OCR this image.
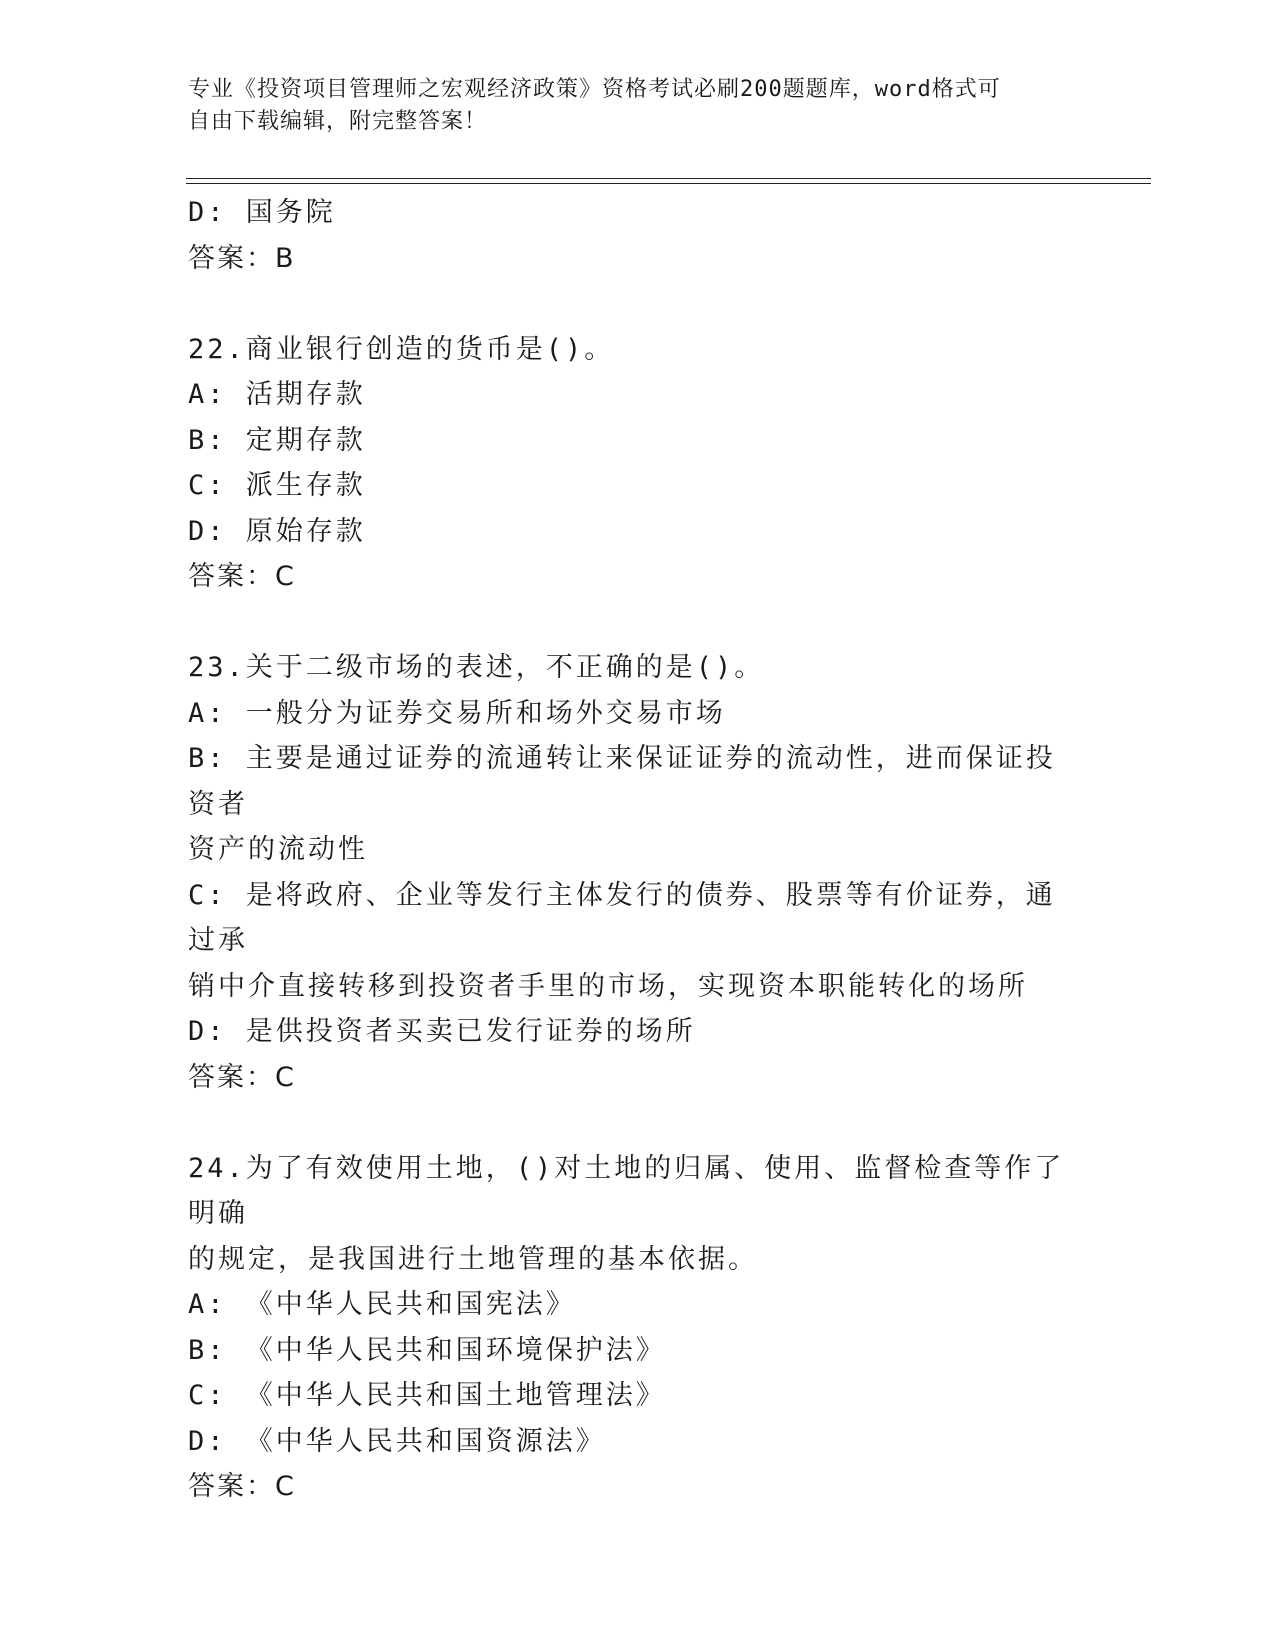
专业《投资项目管理师之宏观经济政策》资格考试必刷200题题库，word格式可
自由下载编辑，附完整答案！
D: 国务院
答案：B
22.商业银行创造的货币是()。
A: 活期存款
B: 定期存款
C: 派生存款
D: 原始存款
答案：C
23.关于二级市场的表述，不正确的是()。
A: 一般分为证券交易所和场外交易市场
B: 主要是通过证券的流通转让来保证证券的流动性，进而保证投资者
资产的流动性
C: 是将政府、企业等发行主体发行的债券、股票等有价证券，通过承
销中介直接转移到投资者手里的市场，实现资本职能转化的场所
D: 是供投资者买卖已发行证券的场所
答案：C
24.为了有效使用土地，()对土地的归属、使用、监督检查等作了明确
的规定，是我国进行土地管理的基本依据。
A: 《中华人民共和国宪法》
B: 《中华人民共和国环境保护法》
C: 《中华人民共和国土地管理法》
D: 《中华人民共和国资源法》
答案：C
